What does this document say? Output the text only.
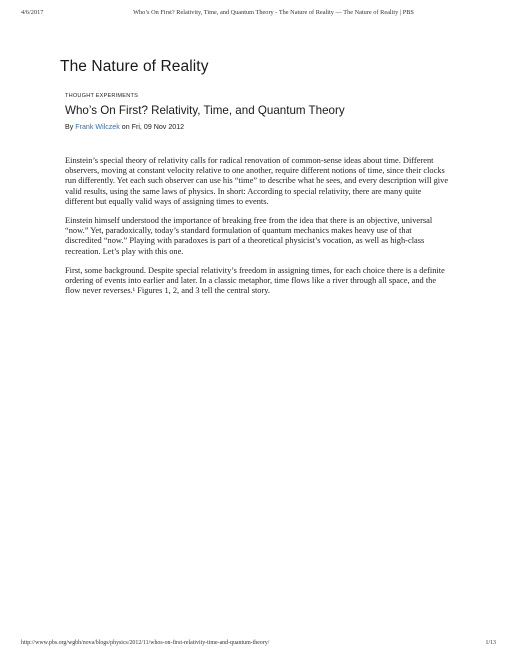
4/6/2017	Who’s On First? Relativity, Time, and Quantum Theory - The Nature of Reality — The Nature of Reality | PBS
The Nature of Reality
THOUGHT EXPERIMENTS
Who’s On First? Relativity, Time, and Quantum Theory
By Frank Wilczek on Fri, 09 Nov 2012

Einstein’s special theory of relativity calls for radical renovation of common-sense ideas about time. Different observers, moving at constant velocity relative to one another, require different notions of time, since their clocks run differently. Yet each such observer can use his “time” to describe what he sees, and every description will give valid results, using the same laws of physics. In short: According to special relativity, there are many quite different but equally valid ways of assigning times to events.

Einstein himself understood the importance of breaking free from the idea that there is an objective, universal “now.” Yet, paradoxically, today’s standard formulation of quantum mechanics makes heavy use of that discredited “now.” Playing with paradoxes is part of a theoretical physicist’s vocation, as well as high-class recreation. Let’s play with this one.

First, some background. Despite special relativity’s freedom in assigning times, for each choice there is a definite ordering of events into earlier and later. In a classic metaphor, time flows like a river through all space, and the flow never reverses.¹ Figures 1, 2, and 3 tell the central story.

http://www.pbs.org/wgbh/nova/blogs/physics/2012/11/whos-on-first-relativity-time-and-quantum-theory/	1/13
